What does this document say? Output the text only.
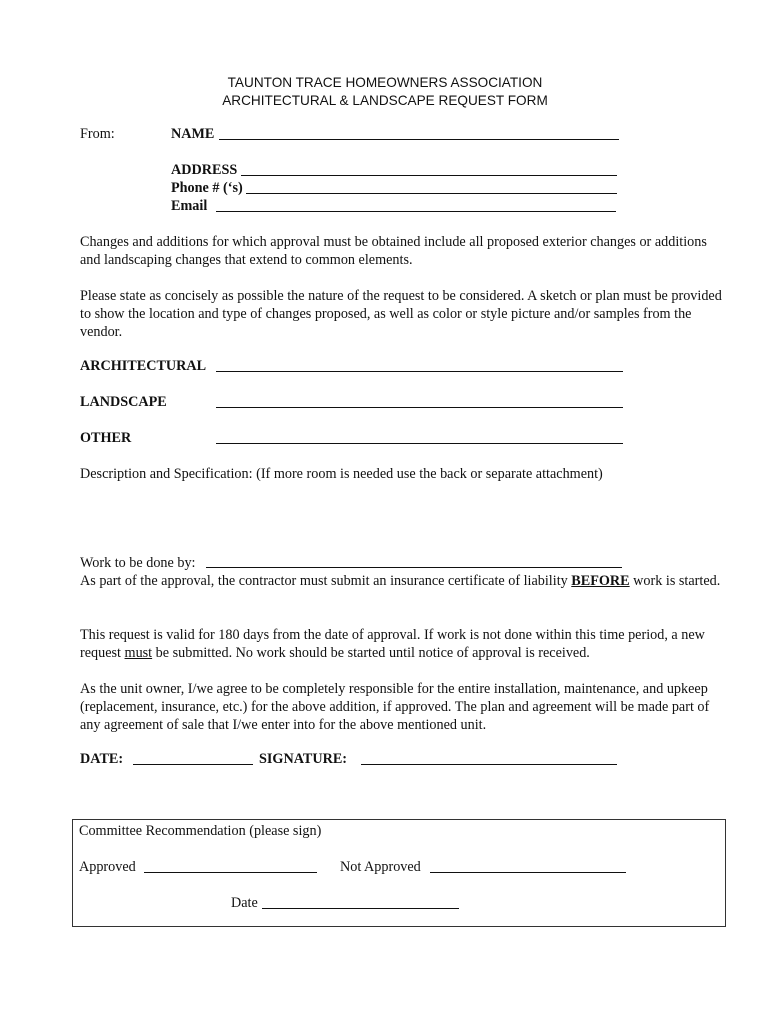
TAUNTON TRACE HOMEOWNERS ASSOCIATION
ARCHITECTURAL & LANDSCAPE REQUEST FORM
From:	NAME
ADDRESS
Phone # (‘s)
Email
Changes and additions for which approval must be obtained include all proposed exterior changes or additions and landscaping changes that extend to common elements.
Please state as concisely as possible the nature of the request to be considered. A sketch or plan must be provided to show the location and type of changes proposed, as well as color or style picture and/or samples from the vendor.
ARCHITECTURAL
LANDSCAPE
OTHER
Description and Specification: (If more room is needed use the back or separate attachment)
Work to be done by:
As part of the approval, the contractor must submit an insurance certificate of liability BEFORE work is started.
This request is valid for 180 days from the date of approval. If work is not done within this time period, a new request must be submitted. No work should be started until notice of approval is received.
As the unit owner, I/we agree to be completely responsible for the entire installation, maintenance, and upkeep (replacement, insurance, etc.) for the above addition, if approved. The plan and agreement will be made part of any agreement of sale that I/we enter into for the above mentioned unit.
DATE:	SIGNATURE:
Committee Recommendation (please sign)
Approved	Not Approved
Date
